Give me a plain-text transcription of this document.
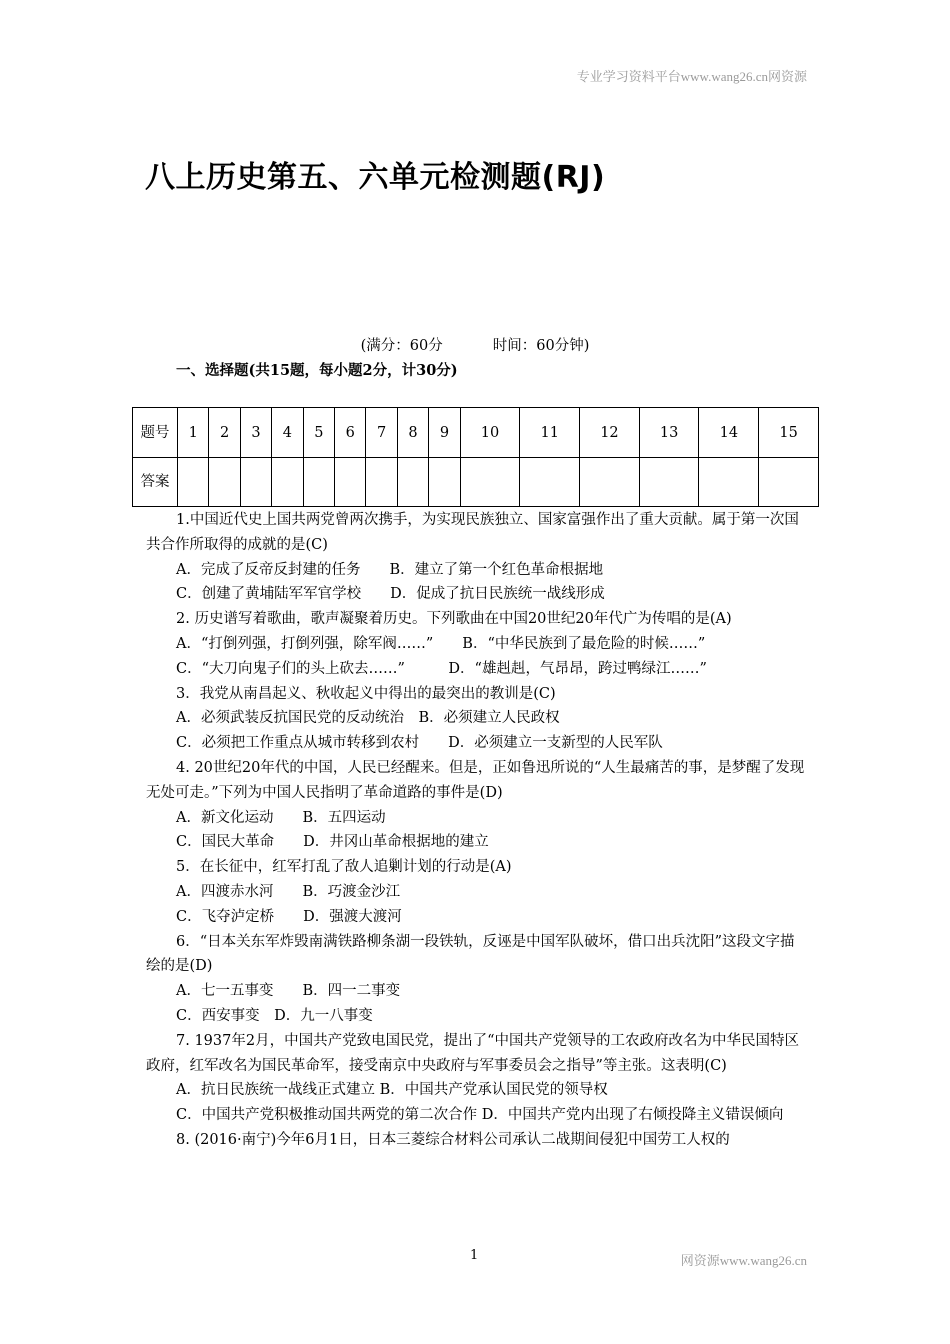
专业学习资料平台www.wang26.cn网资源
八上历史第五、六单元检测题(RJ)
(满分：60分	时间：60分钟)
一、选择题(共15题，每小题2分，计30分)
题号	1	2	3	4	5	6	7	8	9	10	11	12	13	14	15
答案															

1.中国近代史上国共两党曾两次携手，为实现民族独立、国家富强作出了重大贡献。属于第一次国共合作所取得的成就的是(C)

A．完成了反帝反封建的任务　　B．建立了第一个红色革命根据地

C．创建了黄埔陆军军官学校　　D．促成了抗日民族统一战线形成

2. 历史谱写着歌曲，歌声凝聚着历史。下列歌曲在中国20世纪20年代广为传唱的是(A)

A．“打倒列强，打倒列强，除军阀……”　　B．“中华民族到了最危险的时候……”

C．“大刀向鬼子们的头上砍去……”　　　D．“雄赳赳，气昂昂，跨过鸭绿江……”

3．我党从南昌起义、秋收起义中得出的最突出的教训是(C)

A．必须武装反抗国民党的反动统治　B．必须建立人民政权

C．必须把工作重点从城市转移到农村　　D．必须建立一支新型的人民军队

4. 20世纪20年代的中国，人民已经醒来。但是，正如鲁迅所说的“人生最痛苦的事，是梦醒了发现无处可走。”下列为中国人民指明了革命道路的事件是(D)

A．新文化运动　　B．五四运动

C．国民大革命　　D．井冈山革命根据地的建立

5．在长征中，红军打乱了敌人追剿计划的行动是(A)

A．四渡赤水河　　B．巧渡金沙江

C．飞夺泸定桥　　D．强渡大渡河

6．“日本关东军炸毁南满铁路柳条湖一段铁轨，反诬是中国军队破坏，借口出兵沈阳”这段文字描绘的是(D)

A．七一五事变　　B．四一二事变

C．西安事变　D．九一八事变

7. 1937年2月，中国共产党致电国民党，提出了“中国共产党领导的工农政府改名为中华民国特区政府，红军改名为国民革命军，接受南京中央政府与军事委员会之指导”等主张。这表明(C)

A．抗日民族统一战线正式建立 B．中国共产党承认国民党的领导权

C．中国共产党积极推动国共两党的第二次合作 D．中国共产党内出现了右倾投降主义错误倾向

8. (2016·南宁)今年6月1日，日本三菱综合材料公司承认二战期间侵犯中国劳工人权的

1	网资源www.wang26.cn
